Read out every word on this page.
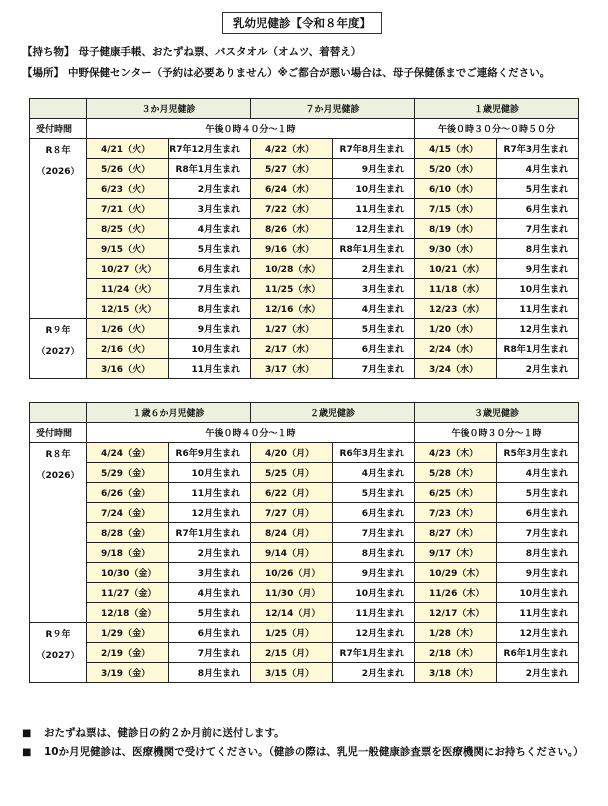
乳幼児健診【令和８年度】
【持ち物】 母子健康手帳、おたずね票、バスタオル（オムツ、着替え）
【場所】 中野保健センター（予約は必要ありません）※ご都合が悪い場合は、母子保健係までご連絡ください。
	３か月児健診		７か月児健診		１歳児健診	
受付時間	午後０時４０分～１時				午後０時３０分～０時５０分	

R８年
（2026）	4/21（火）	R7年12月生まれ	4/22（水）	R7年8月生まれ	4/15（水）	R7年3月生まれ
	5/26（火）	R8年1月生まれ	5/27（水）	9月生まれ	5/20（水）	4月生まれ
	6/23（火）	2月生まれ	6/24（水）	10月生まれ	6/10（水）	5月生まれ
	7/21（火）	3月生まれ	7/22（水）	11月生まれ	7/15（水）	6月生まれ
	8/25（火）	4月生まれ	8/26（水）	12月生まれ	8/19（水）	7月生まれ
	9/15（火）	5月生まれ	9/16（水）	R8年1月生まれ	9/30（水）	8月生まれ
	10/27（火）	6月生まれ	10/28（水）	2月生まれ	10/21（水）	9月生まれ
	11/24（火）	7月生まれ	11/25（水）	3月生まれ	11/18（水）	10月生まれ
	12/15（火）	8月生まれ	12/16（水）	4月生まれ	12/23（水）	11月生まれ

R９年
（2027）	1/26（火）	9月生まれ	1/27（水）	5月生まれ	1/20（水）	12月生まれ
	2/16（火）	10月生まれ	2/17（水）	6月生まれ	2/24（水）	R8年1月生まれ
	3/16（火）	11月生まれ	3/17（水）	7月生まれ	3/24（水）	2月生まれ
	１歳６か月児健診		２歳児健診		３歳児健診	
受付時間	午後０時４０分～１時				午後０時３０分～１時	

R８年
（2026）	4/24（金）	R6年9月生まれ	4/20（月）	R6年3月生まれ	4/23（木）	R5年3月生まれ
	5/29（金）	10月生まれ	5/25（月）	4月生まれ	5/28（木）	4月生まれ
	6/26（金）	11月生まれ	6/22（月）	5月生まれ	6/25（木）	5月生まれ
	7/24（金）	12月生まれ	7/27（月）	6月生まれ	7/23（木）	6月生まれ
	8/28（金）	R7年1月生まれ	8/24（月）	7月生まれ	8/27（木）	7月生まれ
	9/18（金）	2月生まれ	9/14（月）	8月生まれ	9/17（木）	8月生まれ
	10/30（金）	3月生まれ	10/26（月）	9月生まれ	10/29（木）	9月生まれ
	11/27（金）	4月生まれ	11/30（月）	10月生まれ	11/26（木）	10月生まれ
	12/18（金）	5月生まれ	12/14（月）	11月生まれ	12/17（木）	11月生まれ

R９年
（2027）	1/29（金）	6月生まれ	1/25（月）	12月生まれ	1/28（木）	12月生まれ
	2/19（金）	7月生まれ	2/15（月）	R7年1月生まれ	2/18（木）	R6年1月生まれ
	3/19（金）	8月生まれ	3/15（月）	2月生まれ	3/18（木）	2月生まれ
■	おたずね票は、健診日の約２か月前に送付します。
■	10か月児健診は、医療機関で受けてください。（健診の際は、乳児一般健康診査票を医療機関にお持ちください。）
